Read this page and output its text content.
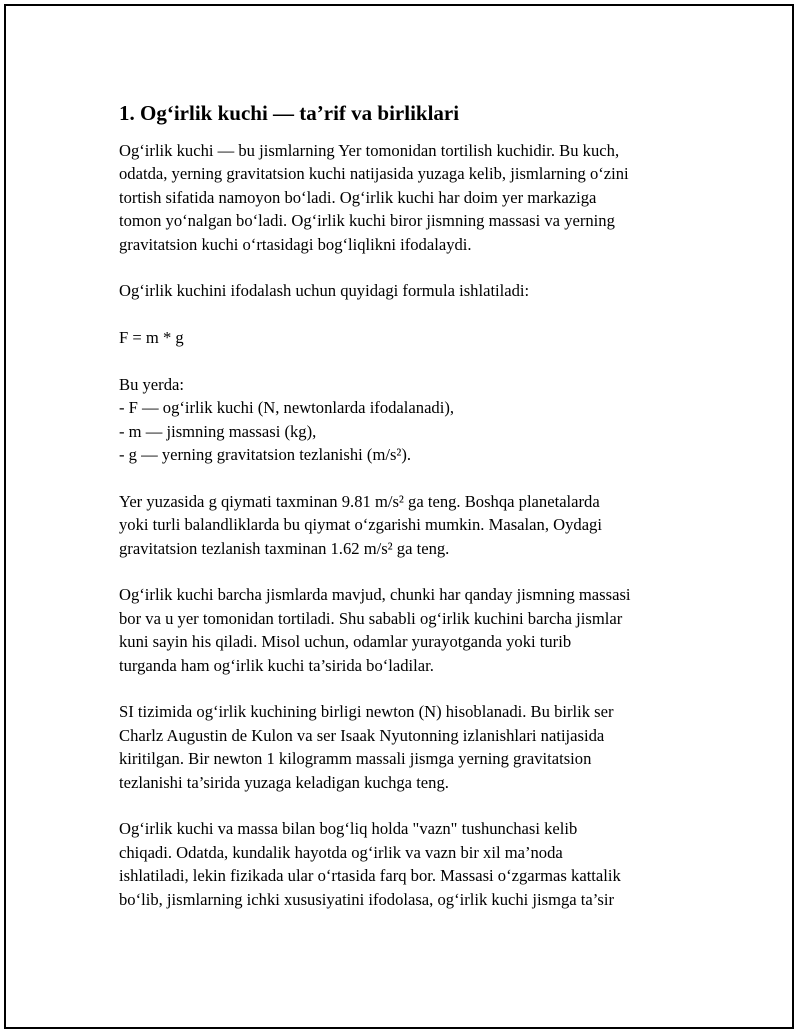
1. Og‘irlik kuchi — ta’rif va birliklari
Og‘irlik kuchi — bu jismlarning Yer tomonidan tortilish kuchidir. Bu kuch,
odatda, yerning gravitatsion kuchi natijasida yuzaga kelib, jismlarning o‘zini
tortish sifatida namoyon bo‘ladi. Og‘irlik kuchi har doim yer markaziga
tomon yo‘nalgan bo‘ladi. Og‘irlik kuchi biror jismning massasi va yerning
gravitatsion kuchi o‘rtasidagi bog‘liqlikni ifodalaydi.
Og‘irlik kuchini ifodalash uchun quyidagi formula ishlatiladi:
F = m * g
Bu yerda:
- F — og‘irlik kuchi (N, newtonlarda ifodalanadi),
- m — jismning massasi (kg),
- g — yerning gravitatsion tezlanishi (m/s²).
Yer yuzasida g qiymati taxminan 9.81 m/s² ga teng. Boshqa planetalarda
yoki turli balandliklarda bu qiymat o‘zgarishi mumkin. Masalan, Oydagi
gravitatsion tezlanish taxminan 1.62 m/s² ga teng.
Og‘irlik kuchi barcha jismlarda mavjud, chunki har qanday jismning massasi
bor va u yer tomonidan tortiladi. Shu sababli og‘irlik kuchini barcha jismlar
kuni sayin his qiladi. Misol uchun, odamlar yurayotganda yoki turib
turganda ham og‘irlik kuchi ta’sirida bo‘ladilar.
SI tizimida og‘irlik kuchining birligi newton (N) hisoblanadi. Bu birlik ser
Charlz Augustin de Kulon va ser Isaak Nyutonning izlanishlari natijasida
kiritilgan. Bir newton 1 kilogramm massali jismga yerning gravitatsion
tezlanishi ta’sirida yuzaga keladigan kuchga teng.
Og‘irlik kuchi va massa bilan bog‘liq holda "vazn" tushunchasi kelib
chiqadi. Odatda, kundalik hayotda og‘irlik va vazn bir xil ma’noda
ishlatiladi, lekin fizikada ular o‘rtasida farq bor. Massasi o‘zgarmas kattalik
bo‘lib, jismlarning ichki xususiyatini ifodolasa, og‘irlik kuchi jismga ta’sir
